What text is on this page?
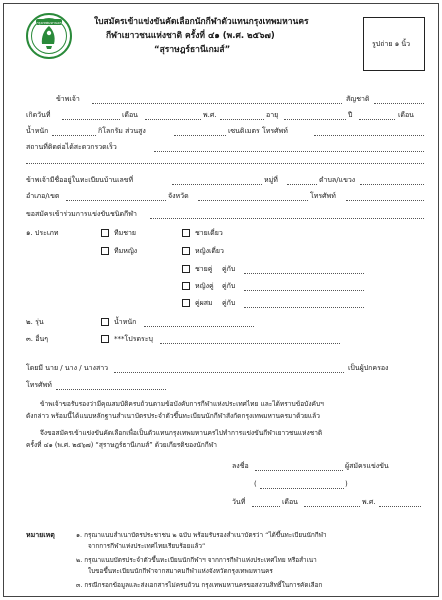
กรุงเทพมหานคร	ใบสมัครเข้าแข่งขันคัดเลือกนักกีฬาตัวแทนกรุงเทพมหานคร
กีฬาเยาวชนแห่งชาติ ครั้งที่ ๔๑ (พ.ศ. ๒๕๖๗)
“สุราษฎร์ธานีเกมส์”
รูปถ่าย ๑ นิ้ว
ข้าพเจ้า	สัญชาติ
เกิดวันที่	เดือน	พ.ศ.	อายุ	ปี	เดือน
น้ำหนัก	กิโลกรัม ส่วนสูง	เซนติเมตร โทรศัพท์
สถานที่ติดต่อได้สะดวกรวดเร็ว
ข้าพเจ้ามีชื่ออยู่ในทะเบียนบ้านเลขที่	หมู่ที่	ตำบล/แขวง
อำเภอ/เขต	จังหวัด	โทรศัพท์
ขอสมัครเข้าร่วมการแข่งขันชนิดกีฬา
๑. ประเภท	ทีมชาย	ชายเดี่ยว
ทีมหญิง	หญิงเดี่ยว
ชายคู่ คู่กับ
หญิงคู่ คู่กับ
คู่ผสม คู่กับ
๒. รุ่น	น้ำหนัก
๓. อื่นๆ	***โปรดระบุ
โดยมี นาย / นาง / นางสาว	เป็นผู้ปกครอง
โทรศัพท์
ข้าพเจ้าขอรับรองว่ามีคุณสมบัติครบถ้วนตามข้อบังคับการกีฬาแห่งประเทศไทย และได้ทราบข้อบังคับฯ
ดังกล่าว พร้อมนี้ได้แนบหลักฐานสำเนาบัตรประจำตัวขึ้นทะเบียนนักกีฬาสังกัดกรุงเทพมหานครมาด้วยแล้ว
จึงขอสมัครเข้าแข่งขันคัดเลือกเพื่อเป็นตัวแทนกรุงเทพมหานครไปทำการแข่งขันกีฬาเยาวชนแห่งชาติ
ครั้งที่ ๔๑ (พ.ศ. ๒๕๖๗) “สุราษฎร์ธานีเกมส์” ด้วยเกียรติของนักกีฬา
ลงชื่อ	ผู้สมัครแข่งขัน
(	)
วันที่	เดือน	พ.ศ.
หมายเหตุ	๑. กรุณาแนบสำเนาบัตรประชาชน ๒ ฉบับ พร้อมรับรองสำเนาบัตรว่า “ได้ขึ้นทะเบียนนักกีฬา
จากการกีฬาแห่งประเทศไทยเรียบร้อยแล้ว”
๒. กรุณาแนบบัตรประจำตัวขึ้นทะเบียนนักกีฬาฯ จากการกีฬาแห่งประเทศไทย หรือสำเนา
ใบขอขึ้นทะเบียนนักกีฬาจากสมาคมกีฬาแห่งจังหวัดกรุงเทพมหานคร
๓. กรณีกรอกข้อมูลและส่งเอกสารไม่ครบถ้วน กรุงเทพมหานครขอสงวนสิทธิ์ในการคัดเลือก
